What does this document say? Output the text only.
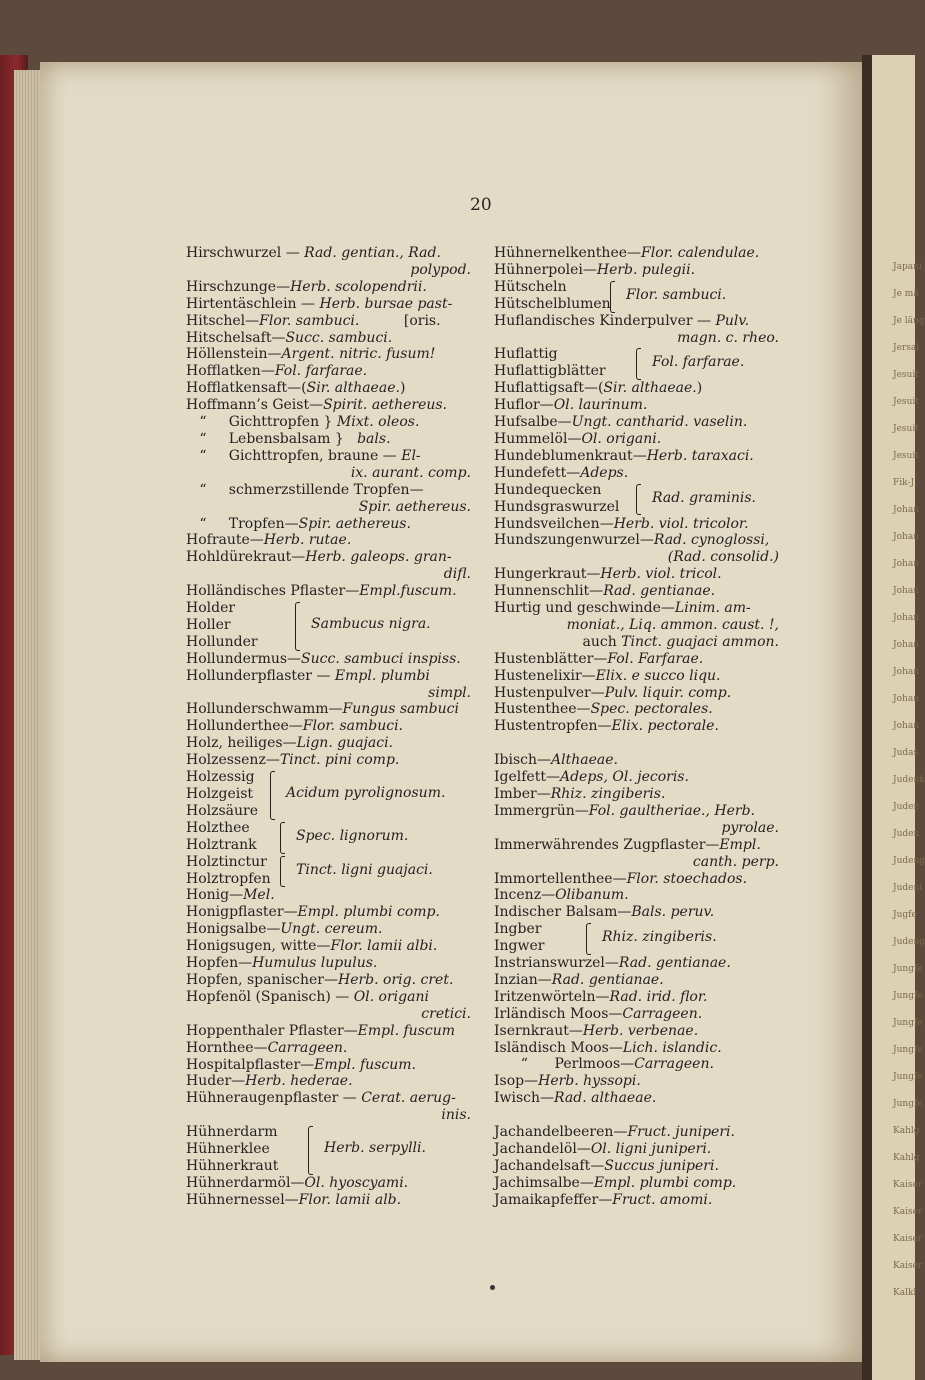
Japani
Je mä
Je läng
Jersal
Jesuit
Jesuit
Jesuit
Jesuit
Fik-J
Johan
Johan
Johan
Johan
Johan
Johan
Johan
Johan
Johan
Judas
Judenk
Juden
Juden
Judeng
Judeni
Jugfe
Judeng
Jungfe
Jungfe
Jungfe
Jungfe
Jungfe
Jungfe
Kahlg
Kahlg
Kaiser
Kaiser
Kaiser
Kaiser
Kalkl
20
Hirschwurzel — Rad. gentian., Rad.
polypod.
Hirschzunge—Herb. scolopendrii.
Hirtentäschlein — Herb. bursae past-
Hitschel—Flor. sambuci.          [oris.
Hitschelsaft—Succ. sambuci.
Höllenstein—Argent. nitric. fusum!
Hofflatken—Fol. farfarae.
Hofflatkensaft—(Sir. althaeae.)
Hoffmann’s Geist—Spirit. aethereus.
“     Gichttropfen } Mixt. oleos.
“     Lebensbalsam }   bals.
“     Gichttropfen, braune — El-
ix. aurant. comp.
“     schmerzstillende Tropfen—
Spir. aethereus.
“     Tropfen—Spir. aethereus.
Hofraute—Herb. rutae.
Hohldürekraut—Herb. galeops. gran-
difl.
Holländisches Pflaster—Empl.fuscum.
Holder
Holler
Hollunder
Sambucus nigra.
Hollundermus—Succ. sambuci inspiss.
Hollunderpflaster — Empl. plumbi
simpl.
Hollunderschwamm—Fungus sambuci
Hollunderthee—Flor. sambuci.
Holz, heiliges—Lign. guajaci.
Holzessenz—Tinct. pini comp.
Holzessig
Holzgeist
Holzsäure
Acidum pyrolignosum.
Holzthee
Holztrank
Spec. lignorum.
Holztinctur
Holztropfen
Tinct. ligni guajaci.
Honig—Mel.
Honigpflaster—Empl. plumbi comp.
Honigsalbe—Ungt. cereum.
Honigsugen, witte—Flor. lamii albi.
Hopfen—Humulus lupulus.
Hopfen, spanischer—Herb. orig. cret.
Hopfenöl (Spanisch) — Ol. origani
cretici.
Hoppenthaler Pflaster—Empl. fuscum
Hornthee—Carrageen.
Hospitalpflaster—Empl. fuscum.
Huder—Herb. hederae.
Hühneraugenpflaster — Cerat. aerug-
inis.
Hühnerdarm
Hühnerklee
Hühnerkraut
Herb. serpylli.
Hühnerdarmöl—Ol. hyoscyami.
Hühnernessel—Flor. lamii alb.
Hühnernelkenthee—Flor. calendulae.
Hühnerpolei—Herb. pulegii.
Hütscheln
Hütschelblumen
Flor. sambuci.
Huflandisches Kinderpulver — Pulv.
magn. c. rheo.
Huflattig
Huflattigblätter
Fol. farfarae.
Huflattigsaft—(Sir. althaeae.)
Huflor—Ol. laurinum.
Hufsalbe—Ungt. cantharid. vaselin.
Hummelöl—Ol. origani.
Hundeblumenkraut—Herb. taraxaci.
Hundefett—Adeps.
Hundequecken
Hundsgraswurzel
Rad. graminis.
Hundsveilchen—Herb. viol. tricolor.
Hundszungenwurzel—Rad. cynoglossi,
(Rad. consolid.)
Hungerkraut—Herb. viol. tricol.
Hunnenschlit—Rad. gentianae.
Hurtig und geschwinde—Linim. am-
moniat., Liq. ammon. caust. !,
auch Tinct. guajaci ammon.
Hustenblätter—Fol. Farfarae.
Hustenelixir—Elix. e succo liqu.
Hustenpulver—Pulv. liquir. comp.
Hustenthee—Spec. pectorales.
Hustentropfen—Elix. pectorale.
Ibisch—Althaeae.
Igelfett—Adeps, Ol. jecoris.
Imber—Rhiz. zingiberis.
Immergrün—Fol. gaultheriae., Herb.
pyrolae.
Immerwährendes Zugpflaster—Empl.
canth. perp.
Immortellenthee—Flor. stoechados.
Incenz—Olibanum.
Indischer Balsam—Bals. peruv.
Ingber
Ingwer
Rhiz. zingiberis.
Instrianswurzel—Rad. gentianae.
Inzian—Rad. gentianae.
Iritzenwörteln—Rad. irid. flor.
Irländisch Moos—Carrageen.
Isernkraut—Herb. verbenae.
Isländisch Moos—Lich. islandic.
“      Perlmoos—Carrageen.
Isop—Herb. hyssopi.
Iwisch—Rad. althaeae.
Jachandelbeeren—Fruct. juniperi.
Jachandelöl—Ol. ligni juniperi.
Jachandelsaft—Succus juniperi.
Jachimsalbe—Empl. plumbi comp.
Jamaikapfeffer—Fruct. amomi.
